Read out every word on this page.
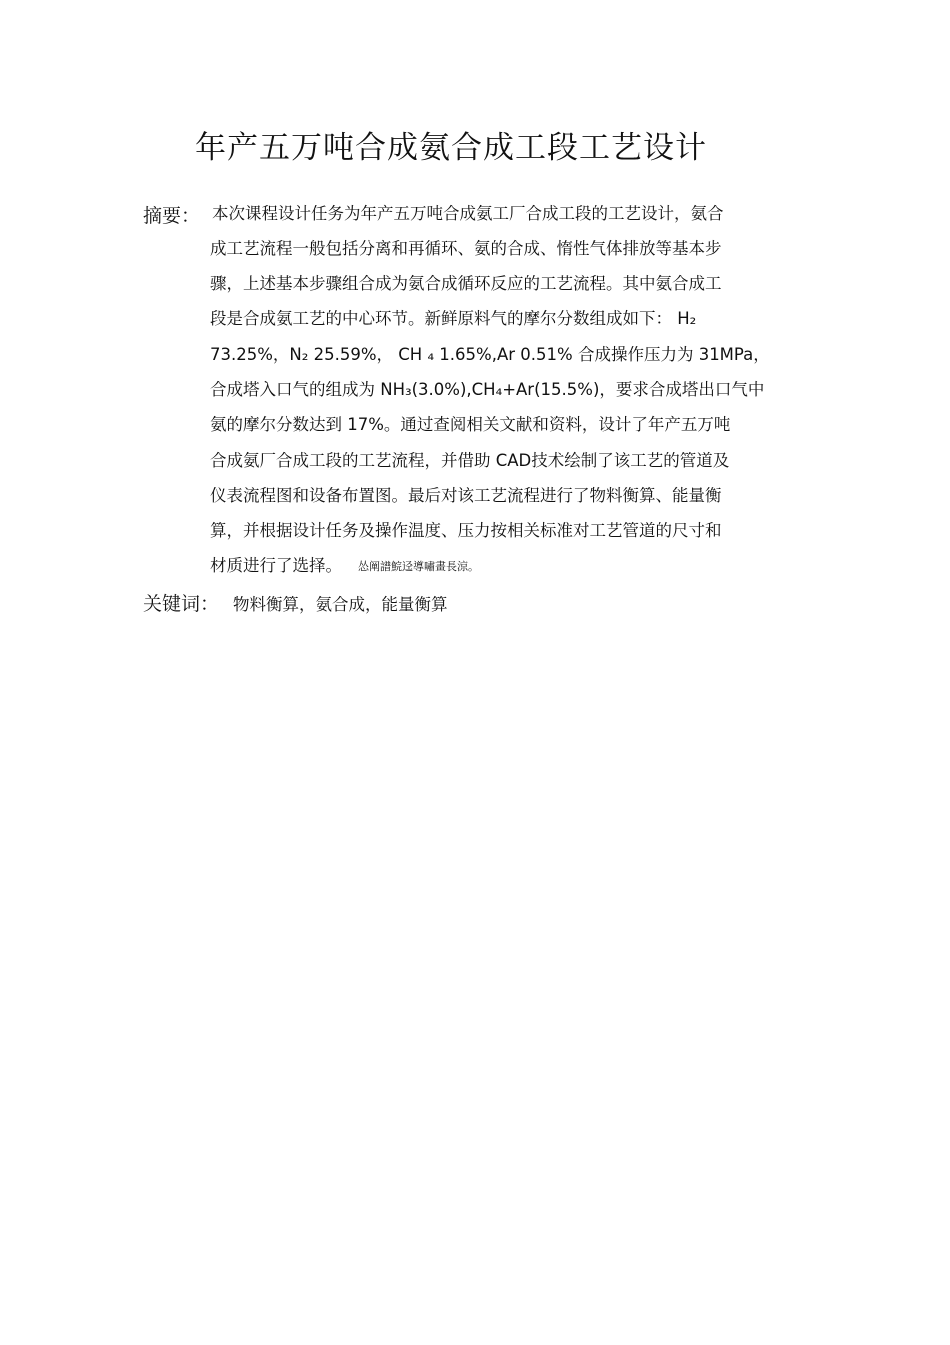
年产五万吨合成氨合成工段工艺设计
摘要： 本次课程设计任务为年产五万吨合成氨工厂合成工段的工艺设计，氨合
成工艺流程一般包括分离和再循环、氨的合成、惰性气体排放等基本步
骤，上述基本步骤组合成为氨合成循环反应的工艺流程。其中氨合成工
段是合成氨工艺的中心环节。新鲜原料气的摩尔分数组成如下： H₂
73.25%，N₂ 25.59%， CH ₄ 1.65%,Ar 0.51% 合成操作压力为 31MPa，
合成塔入口气的组成为 NH₃(3.0%),CH₄+Ar(15.5%)，要求合成塔出口气中
氨的摩尔分数达到 17%。通过查阅相关文献和资料，设计了年产五万吨
合成氨厂合成工段的工艺流程，并借助 CAD技术绘制了该工艺的管道及
仪表流程图和设备布置图。最后对该工艺流程进行了物料衡算、能量衡
算，并根据设计任务及操作温度、压力按相关标准对工艺管道的尺寸和
材质进行了选择。 怂阐譜鯇迳導嘯畫長涼。
关键词： 物料衡算，氨合成，能量衡算
